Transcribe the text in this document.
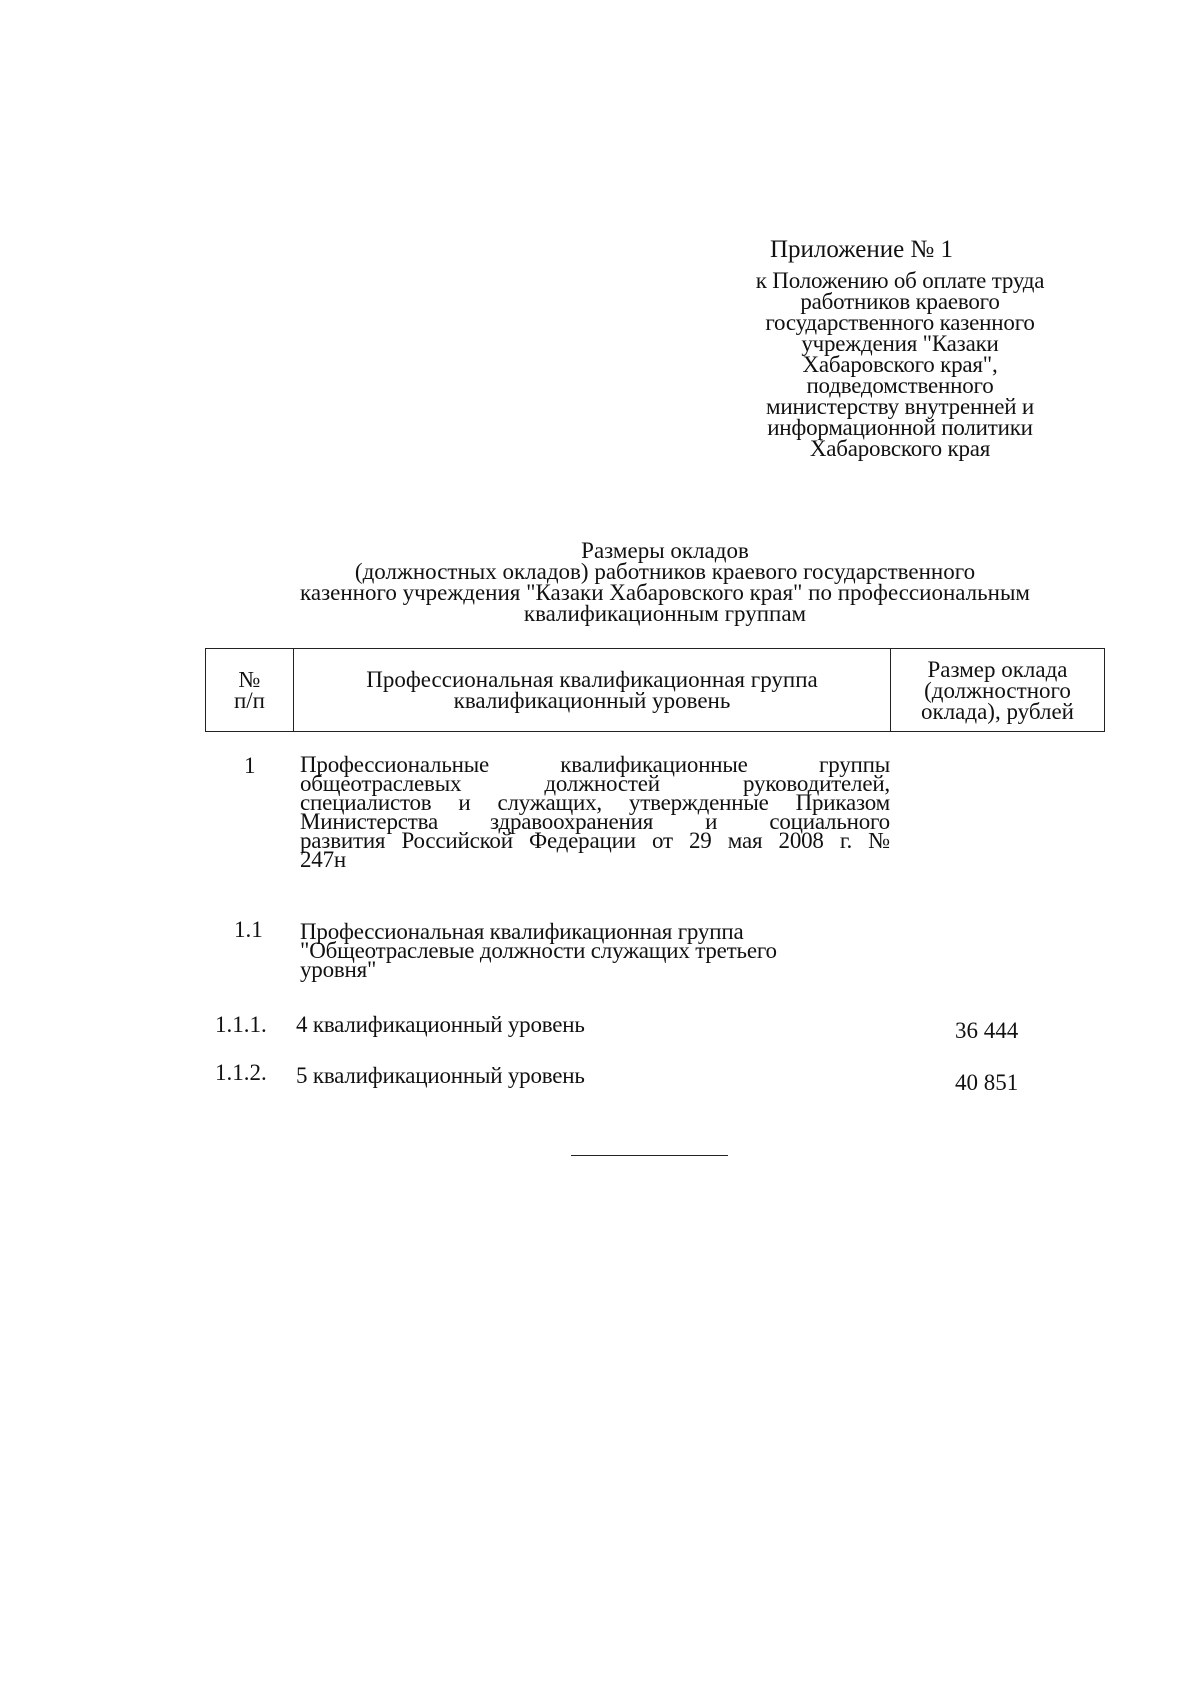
Приложение № 1
к Положению об оплате труда
работников краевого
государственного казенного
учреждения "Казаки
Хабаровского края",
подведомственного
министерству внутренней и
информационной политики
Хабаровского края
Размеры окладов
(должностных окладов) работников краевого государственного
казенного учреждения "Казаки Хабаровского края" по профессиональным
квалификационным группам
№
п/п
Профессиональная квалификационная группа
квалификационный уровень
Размер оклада
(должностного
оклада), рублей
1 Профессиональные квалификационные группы
общеотраслевых должностей руководителей,
специалистов и служащих, утвержденные Приказом
Министерства здравоохранения и социального
развития Российской Федерации от 29 мая 2008 г. №
247н
1.1 Профессиональная квалификационная группа
"Общеотраслевые должности служащих третьего
уровня"
1.1.1. 4 квалификационный уровень	36 444
1.1.2. 5 квалификационный уровень	40 851
